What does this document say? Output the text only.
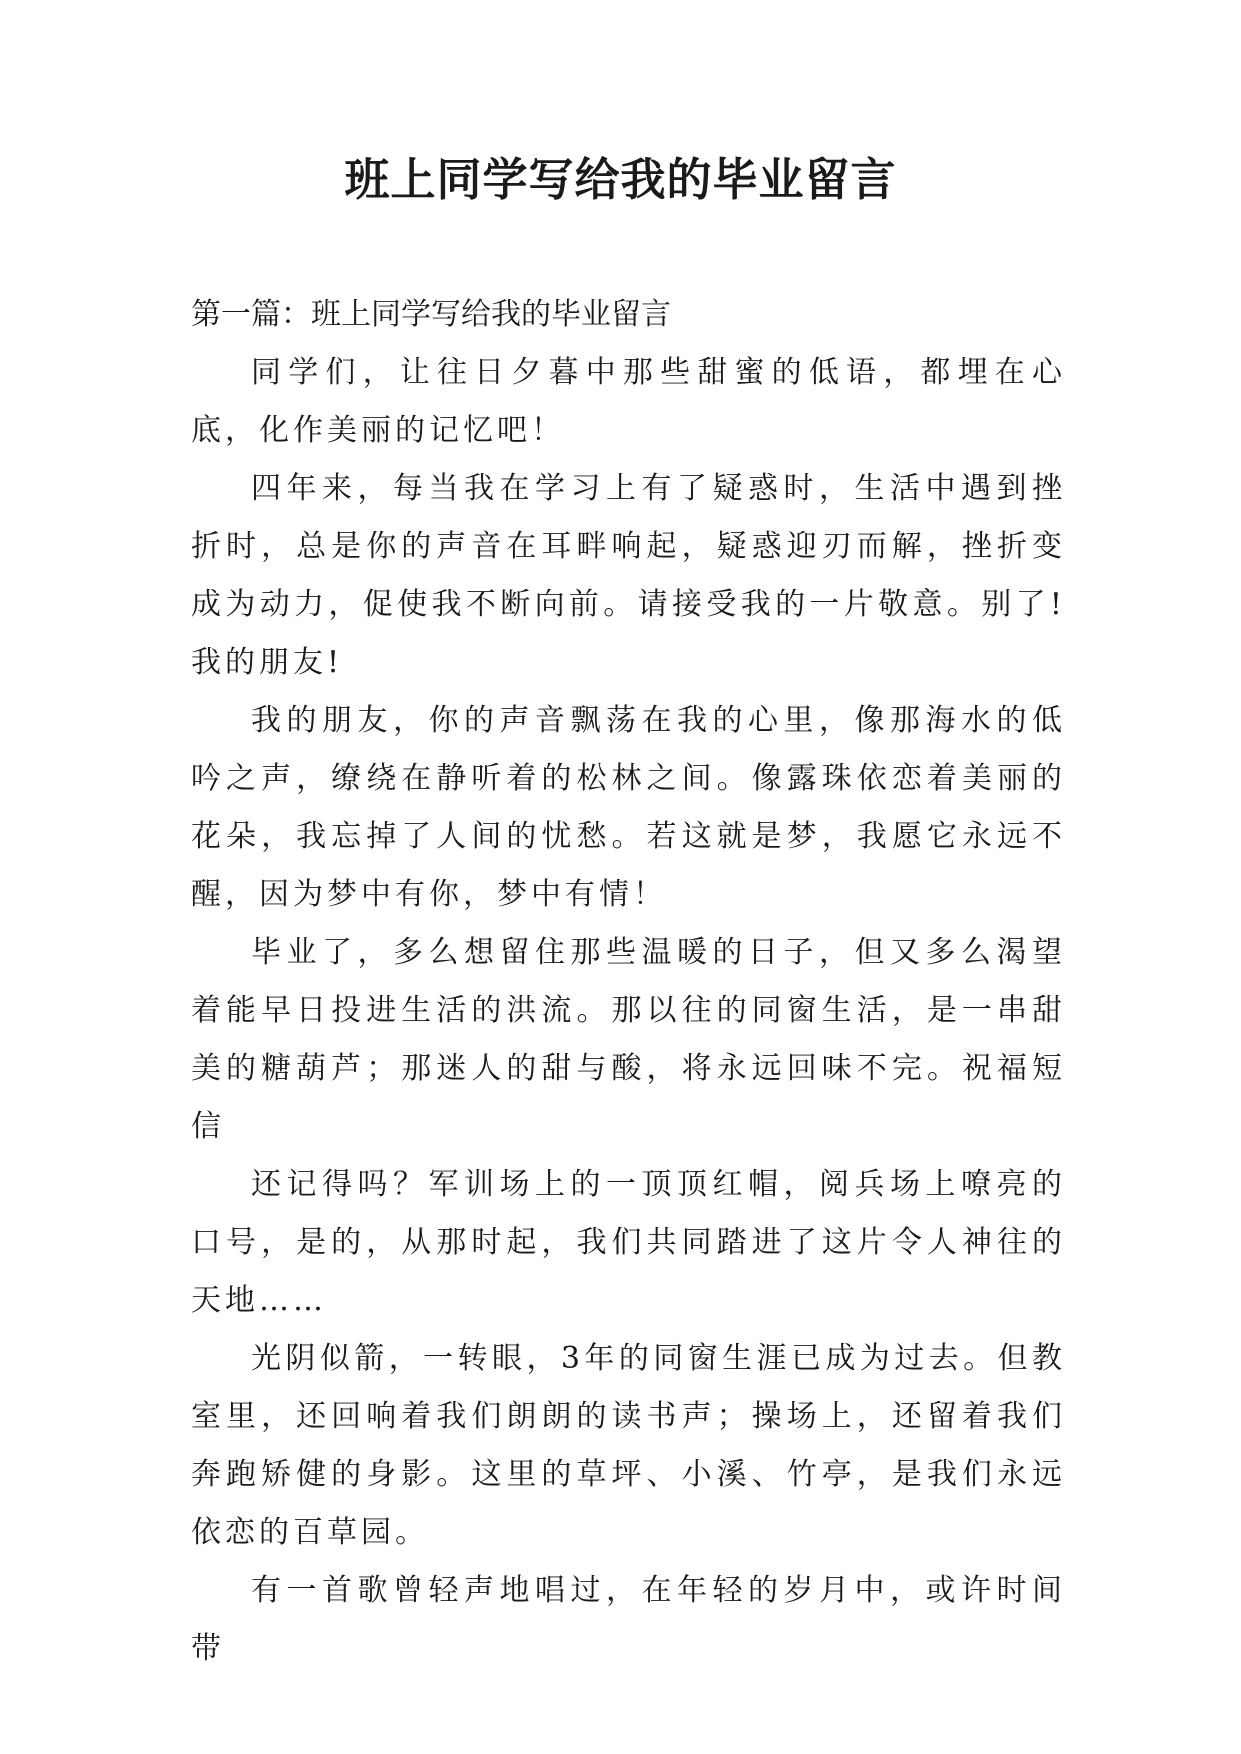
班上同学写给我的毕业留言
第一篇：班上同学写给我的毕业留言

同学们，让往日夕暮中那些甜蜜的低语，都埋在心底，化作美丽的记忆吧！

四年来，每当我在学习上有了疑惑时，生活中遇到挫折时，总是你的声音在耳畔响起，疑惑迎刃而解，挫折变成为动力，促使我不断向前。请接受我的一片敬意。别了!我的朋友!

我的朋友，你的声音飘荡在我的心里，像那海水的低吟之声，缭绕在静听着的松林之间。像露珠依恋着美丽的花朵，我忘掉了人间的忧愁。若这就是梦，我愿它永远不醒，因为梦中有你，梦中有情！

毕业了，多么想留住那些温暖的日子，但又多么渴望着能早日投进生活的洪流。那以往的同窗生活，是一串甜美的糖葫芦；那迷人的甜与酸，将永远回味不完。祝福短信

还记得吗？军训场上的一顶顶红帽，阅兵场上嘹亮的口号，是的，从那时起，我们共同踏进了这片令人神往的天地……

光阴似箭，一转眼，3年的同窗生涯已成为过去。但教室里，还回响着我们朗朗的读书声；操场上，还留着我们奔跑矫健的身影。这里的草坪、小溪、竹亭，是我们永远依恋的百草园。

有一首歌曾轻声地唱过，在年轻的岁月中，或许时间带
